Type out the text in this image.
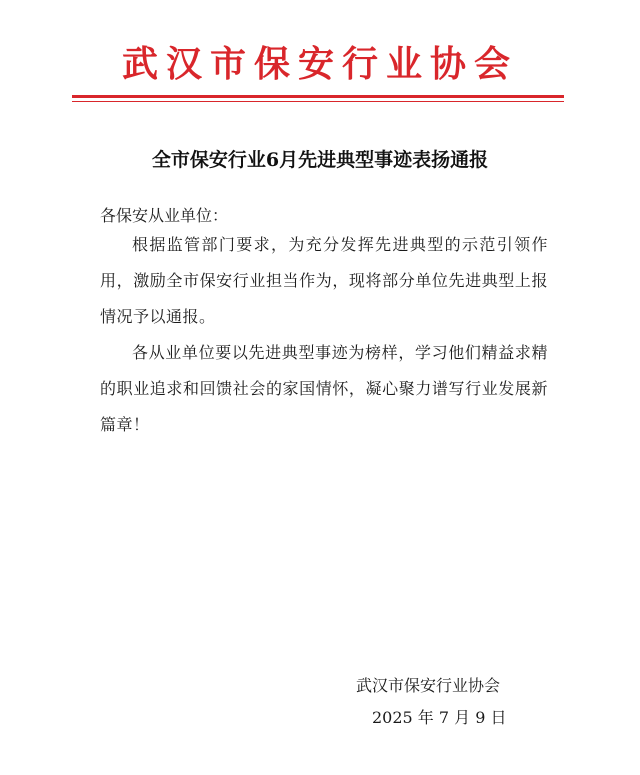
武汉市保安行业协会
全市保安行业6月先进典型事迹表扬通报
各保安从业单位：
根据监管部门要求，为充分发挥先进典型的示范引领作用，激励全市保安行业担当作为，现将部分单位先进典型上报情况予以通报。
各从业单位要以先进典型事迹为榜样，学习他们精益求精的职业追求和回馈社会的家国情怀，凝心聚力谱写行业发展新篇章！
武汉市保安行业协会
2025 年 7 月 9 日
